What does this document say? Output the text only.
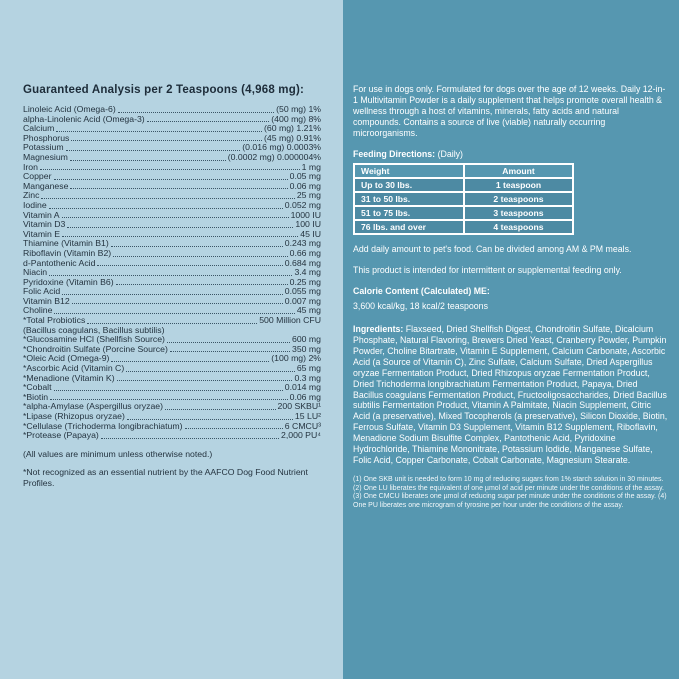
Guaranteed Analysis per 2 Teaspoons (4,968 mg):
Linoleic Acid (Omega-6)	(50 mg) 1%
alpha-Linolenic Acid (Omega-3)	(400 mg) 8%
Calcium	(60 mg) 1.21%
Phosphorus	(45 mg) 0.91%
Potassium	(0.016 mg) 0.0003%
Magnesium	(0.0002 mg) 0.000004%
Iron	1 mg
Copper	0.05 mg
Manganese	0.06 mg
Zinc	25 mg
Iodine	0.052 mg
Vitamin A	1000 IU
Vitamin D3	100 IU
Vitamin E	45 IU
Thiamine (Vitamin B1)	0.243 mg
Riboflavin (Vitamin B2)	0.66 mg
d-Pantothenic Acid	0.684 mg
Niacin	3.4 mg
Pyridoxine (Vitamin B6)	0.25 mg
Folic Acid	0.055 mg
Vitamin B12	0.007 mg
Choline	45 mg
*Total Probiotics	500 Million CFU
(Bacillus coagulans, Bacillus subtilis)
*Glucosamine HCl (Shellfish Source)	600 mg
*Chondroitin Sulfate (Porcine Source)	350 mg
*Oleic Acid (Omega-9)	(100 mg) 2%
*Ascorbic Acid (Vitamin C)	65 mg
*Menadione (Vitamin K)	0.3 mg
*Cobalt	0.014 mg
*Biotin	0.06 mg
*alpha-Amylase (Aspergillus oryzae)	200 SKBU¹
*Lipase (Rhizopus oryzae)	15 LU²
*Cellulase (Trichoderma longibrachiatum)	6 CMCU³
*Protease (Papaya)	2,000 PU⁴

(All values are minimum unless otherwise noted.)

*Not recognized as an essential nutrient by the AAFCO Dog Food Nutrient Profiles.

For use in dogs only. Formulated for dogs over the age of 12 weeks. Daily 12-in-1 Multivitamin Powder is a daily supplement that helps promote overall health & wellness through a host of vitamins, minerals, fatty acids and natural compounds. Contains a source of live (viable) naturally occurring microorganisms.

Feeding Directions: (Daily)

Weight	Amount
Up to 30 lbs.	1 teaspoon
31 to 50 lbs.	2 teaspoons
51 to 75 lbs.	3 teaspoons
76 lbs. and over	4 teaspoons

Add daily amount to pet's food. Can be divided among AM & PM meals.

This product is intended for intermittent or supplemental feeding only.

Calorie Content (Calculated) ME:

3,600 kcal/kg, 18 kcal/2 teaspoons

Ingredients: Flaxseed, Dried Shellfish Digest, Chondroitin Sulfate, Dicalcium Phosphate, Natural Flavoring, Brewers Dried Yeast, Cranberry Powder, Pumpkin Powder, Choline Bitartrate, Vitamin E Supplement, Calcium Carbonate, Ascorbic Acid (a Source of Vitamin C), Zinc Sulfate, Calcium Sulfate, Dried Aspergillus oryzae Fermentation Product, Dried Rhizopus oryzae Fermentation Product, Dried Trichoderma longibrachiatum Fermentation Product, Papaya, Dried Bacillus coagulans Fermentation Product, Fructooligosaccharides, Dried Bacillus subtilis Fermentation Product, Vitamin A Palmitate, Niacin Supplement, Citric Acid (a preservative), Mixed Tocopherols (a preservative), Silicon Dioxide, Biotin, Ferrous Sulfate, Vitamin D3 Supplement, Vitamin B12 Supplement, Riboflavin, Menadione Sodium Bisulfite Complex, Pantothenic Acid, Pyridoxine Hydrochloride, Thiamine Mononitrate, Potassium Iodide, Manganese Sulfate, Folic Acid, Copper Carbonate, Cobalt Carbonate, Magnesium Stearate.

(1) One SKB unit is needed to form 10 mg of reducing sugars from 1% starch solution in 30 minutes. (2) One LU liberates the equivalent of one µmol of acid per minute under the conditions of the assay. (3) One CMCU liberates one µmol of reducing sugar per minute under the conditions of the assay. (4) One PU liberates one microgram of tyrosine per hour under the conditions of the assay.
